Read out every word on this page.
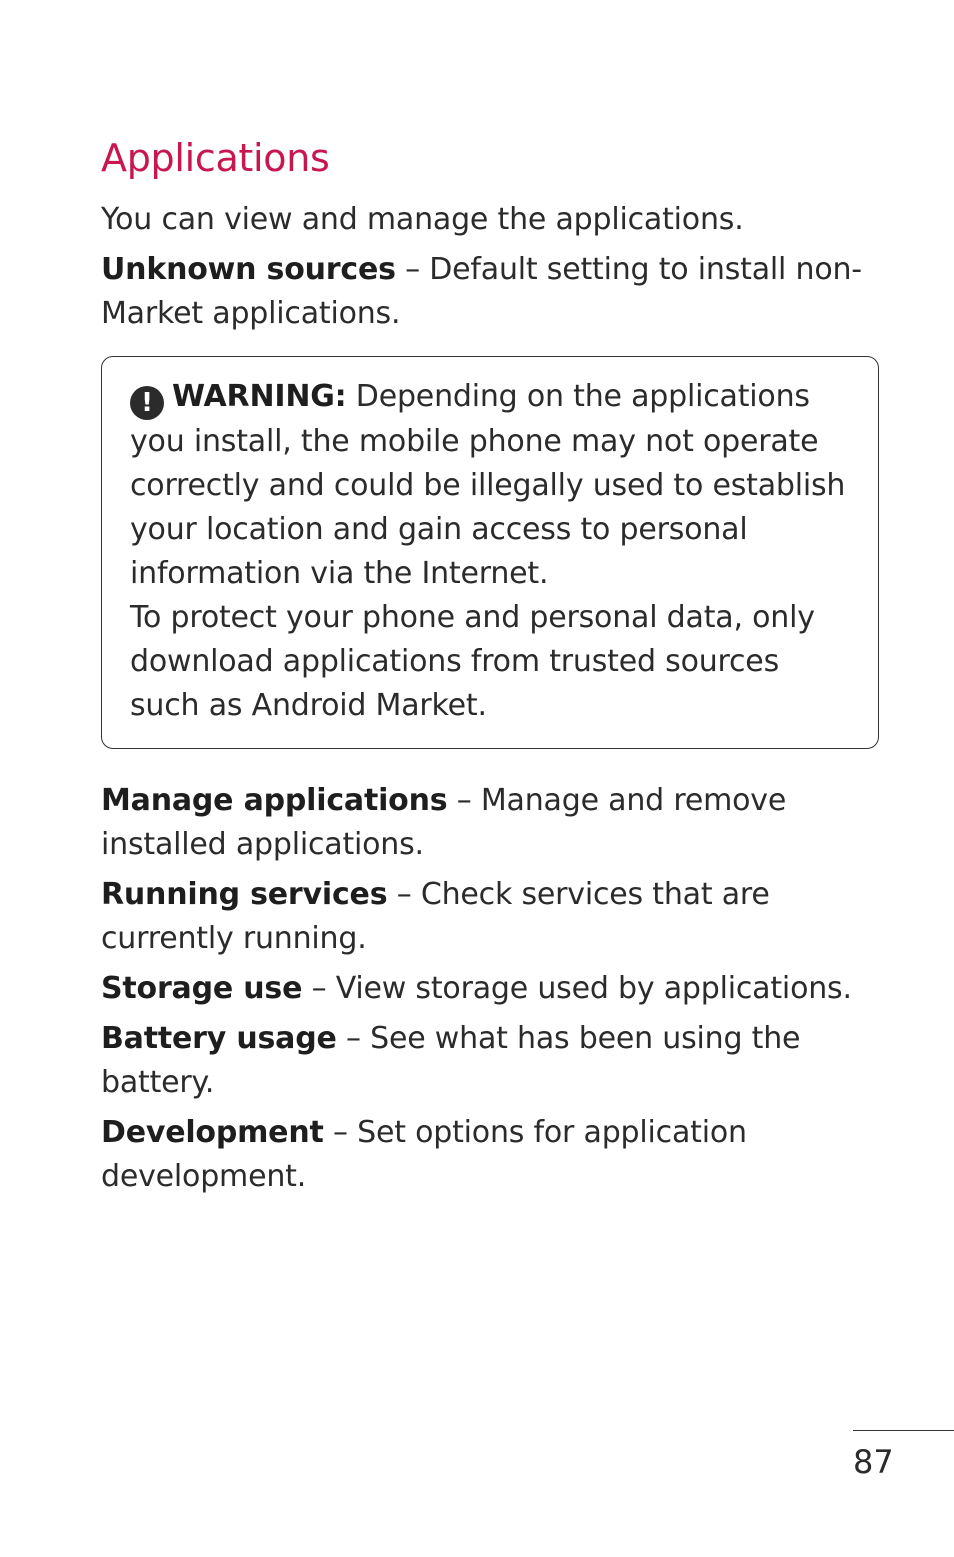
Applications

You can view and manage the applications.

Unknown sources – Default setting to install non-Market applications.

! WARNING: Depending on the applications you install, the mobile phone may not operate correctly and could be illegally used to establish your location and gain access to personal information via the Internet.

To protect your phone and personal data, only download applications from trusted sources such as Android Market.

Manage applications – Manage and remove installed applications.

Running services – Check services that are currently running.

Storage use – View storage used by applications.

Battery usage – See what has been using the battery.

Development – Set options for application development.

87
